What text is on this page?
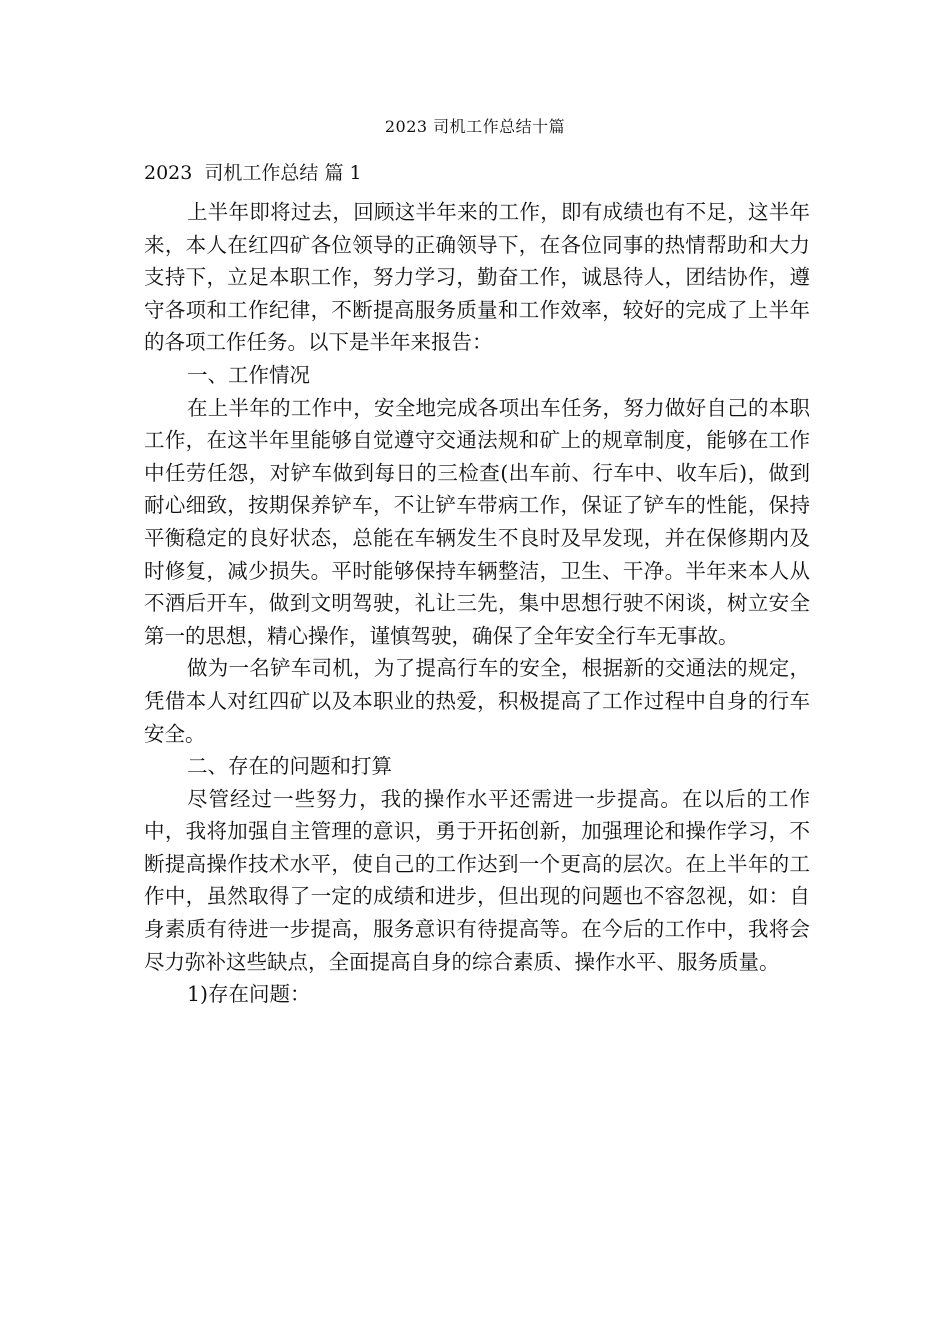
2023 司机工作总结十篇
2023  司机工作总结 篇 1

上半年即将过去，回顾这半年来的工作，即有成绩也有不足，这半年来，本人在红四矿各位领导的正确领导下，在各位同事的热情帮助和大力支持下，立足本职工作，努力学习，勤奋工作，诚恳待人，团结协作，遵守各项和工作纪律，不断提高服务质量和工作效率，较好的完成了上半年的各项工作任务。以下是半年来报告：

一、工作情况

在上半年的工作中，安全地完成各项出车任务，努力做好自己的本职工作，在这半年里能够自觉遵守交通法规和矿上的规章制度，能够在工作中任劳任怨，对铲车做到每日的三检查(出车前、行车中、收车后)，做到耐心细致，按期保养铲车，不让铲车带病工作，保证了铲车的性能，保持平衡稳定的良好状态，总能在车辆发生不良时及早发现，并在保修期内及时修复，减少损失。平时能够保持车辆整洁，卫生、干净。半年来本人从不酒后开车，做到文明驾驶，礼让三先，集中思想行驶不闲谈，树立安全第一的思想，精心操作，谨慎驾驶，确保了全年安全行车无事故。

做为一名铲车司机，为了提高行车的安全，根据新的交通法的规定，凭借本人对红四矿以及本职业的热爱，积极提高了工作过程中自身的行车安全。

二、存在的问题和打算

尽管经过一些努力，我的操作水平还需进一步提高。在以后的工作中，我将加强自主管理的意识，勇于开拓创新，加强理论和操作学习，不断提高操作技术水平，使自己的工作达到一个更高的层次。在上半年的工作中，虽然取得了一定的成绩和进步，但出现的问题也不容忽视，如：自身素质有待进一步提高，服务意识有待提高等。在今后的工作中，我将会尽力弥补这些缺点，全面提高自身的综合素质、操作水平、服务质量。

1)存在问题：
